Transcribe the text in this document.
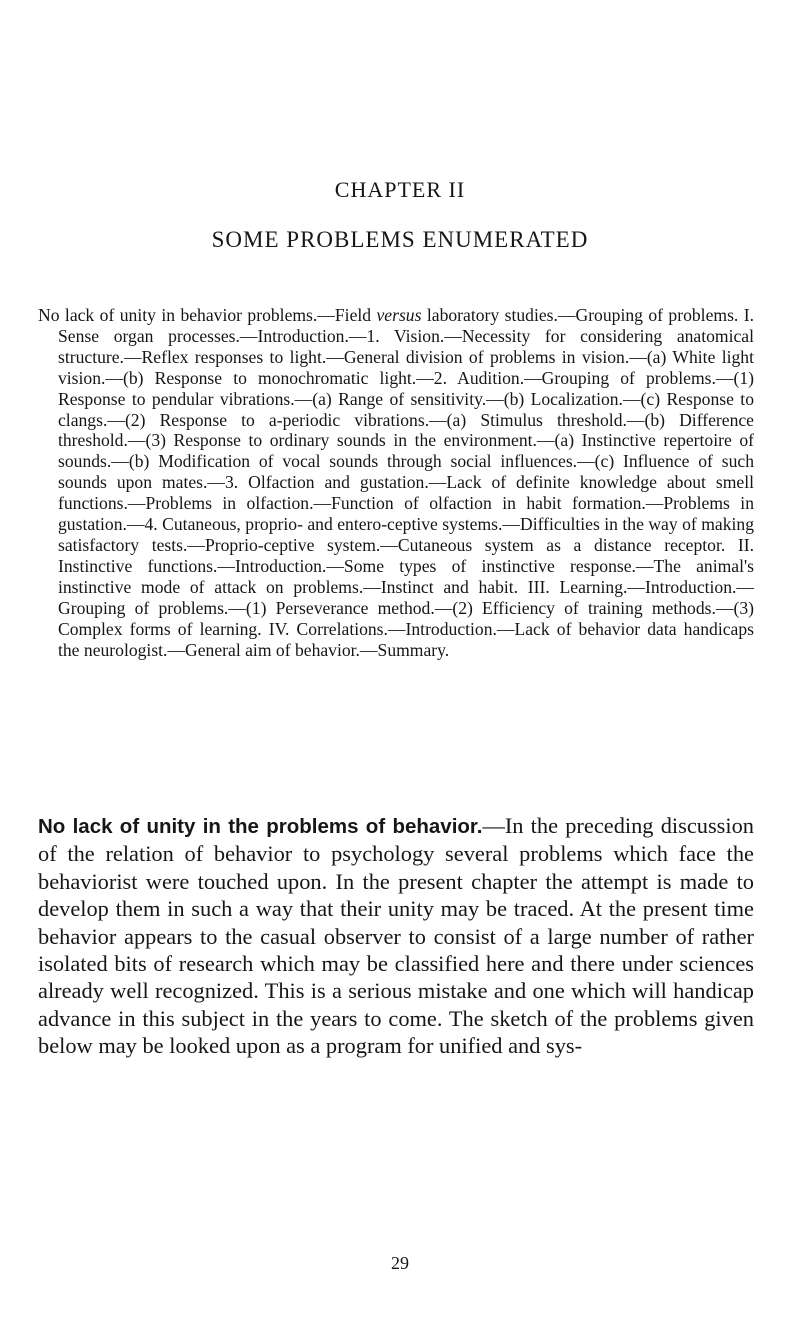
CHAPTER II
SOME PROBLEMS ENUMERATED

No lack of unity in behavior problems.—Field versus laboratory studies.—Grouping of problems. I. Sense organ processes.—Introduction.—1. Vision.—Necessity for considering anatomical structure.—Reflex responses to light.—General division of problems in vision.—(a) White light vision.—(b) Response to monochromatic light.—2. Audition.—Grouping of problems.—(1) Response to pendular vibrations.—(a) Range of sensitivity.—(b) Localization.—(c) Response to clangs.—(2) Response to a-periodic vibrations.—(a) Stimulus threshold.—(b) Difference threshold.—(3) Response to ordinary sounds in the environment.—(a) Instinctive repertoire of sounds.—(b) Modification of vocal sounds through social influences.—(c) Influence of such sounds upon mates.—3. Olfaction and gustation.—Lack of definite knowledge about smell functions.—Problems in olfaction.—Function of olfaction in habit formation.—Problems in gustation.—4. Cutaneous, proprio- and entero-ceptive systems.—Difficulties in the way of making satisfactory tests.—Proprio-ceptive system.—Cutaneous system as a distance receptor. II. Instinctive functions.—Introduction.—Some types of instinctive response.—The animal's instinctive mode of attack on problems.—Instinct and habit. III. Learning.—Introduction.—Grouping of problems.—(1) Perseverance method.—(2) Efficiency of training methods.—(3) Complex forms of learning. IV. Correlations.—Introduction.—Lack of behavior data handicaps the neurologist.—General aim of behavior.—Summary.

No lack of unity in the problems of behavior.—In the preceding discussion of the relation of behavior to psychology several problems which face the behaviorist were touched upon. In the present chapter the attempt is made to develop them in such a way that their unity may be traced. At the present time behavior appears to the casual observer to consist of a large number of rather isolated bits of research which may be classified here and there under sciences already well recognized. This is a serious mistake and one which will handicap advance in this subject in the years to come. The sketch of the problems given below may be looked upon as a program for unified and sys-

29
